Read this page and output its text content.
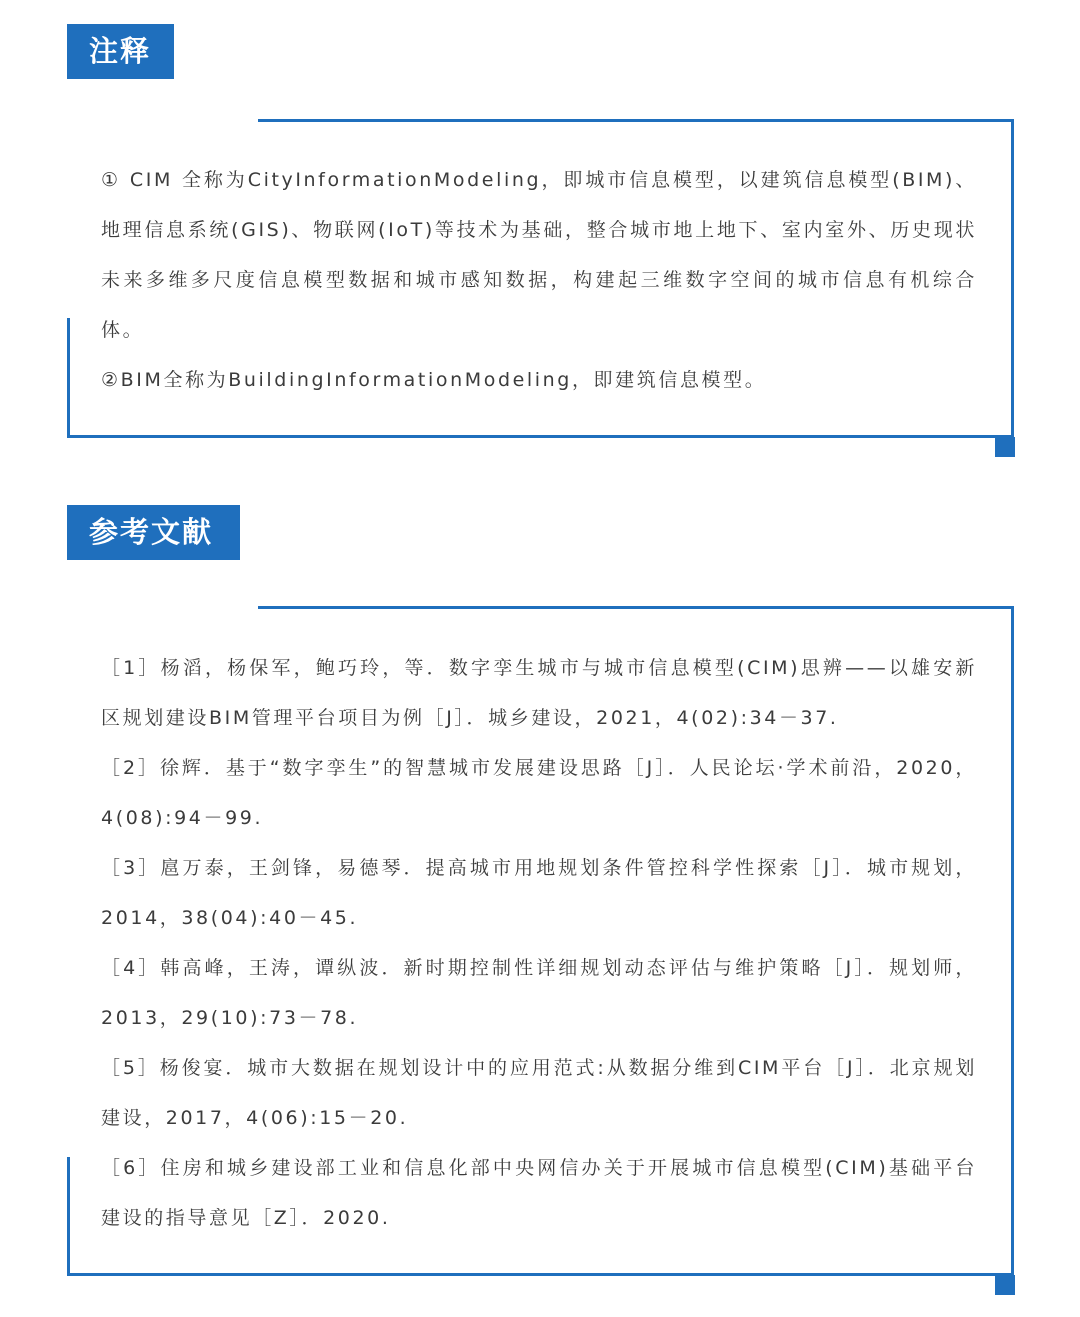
注释

① CIM 全称为CityInformationModeling，即城市信息模型，以建筑信息模型(BIM)、地理信息系统(GIS)、物联网(IoT)等技术为基础，整合城市地上地下、室内室外、历史现状未来多维多尺度信息模型数据和城市感知数据，构建起三维数字空间的城市信息有机综合体。

②BIM全称为BuildingInformationModeling，即建筑信息模型。

参考文献

［1］杨滔，杨保军，鲍巧玲，等．数字孪生城市与城市信息模型(CIM)思辨——以雄安新区规划建设BIM管理平台项目为例［J］．城乡建设，2021，4(02):34－37.

［2］徐辉．基于“数字孪生”的智慧城市发展建设思路［J］．人民论坛·学术前沿，2020，4(08):94－99.

［3］扈万泰，王剑锋，易德琴．提高城市用地规划条件管控科学性探索［J］．城市规划，2014，38(04):40－45.

［4］韩高峰，王涛，谭纵波．新时期控制性详细规划动态评估与维护策略［J］．规划师，2013，29(10):73－78.

［5］杨俊宴．城市大数据在规划设计中的应用范式:从数据分维到CIM平台［J］．北京规划建设，2017，4(06):15－20.

［6］住房和城乡建设部工业和信息化部中央网信办关于开展城市信息模型(CIM)基础平台建设的指导意见［Z］．2020.
